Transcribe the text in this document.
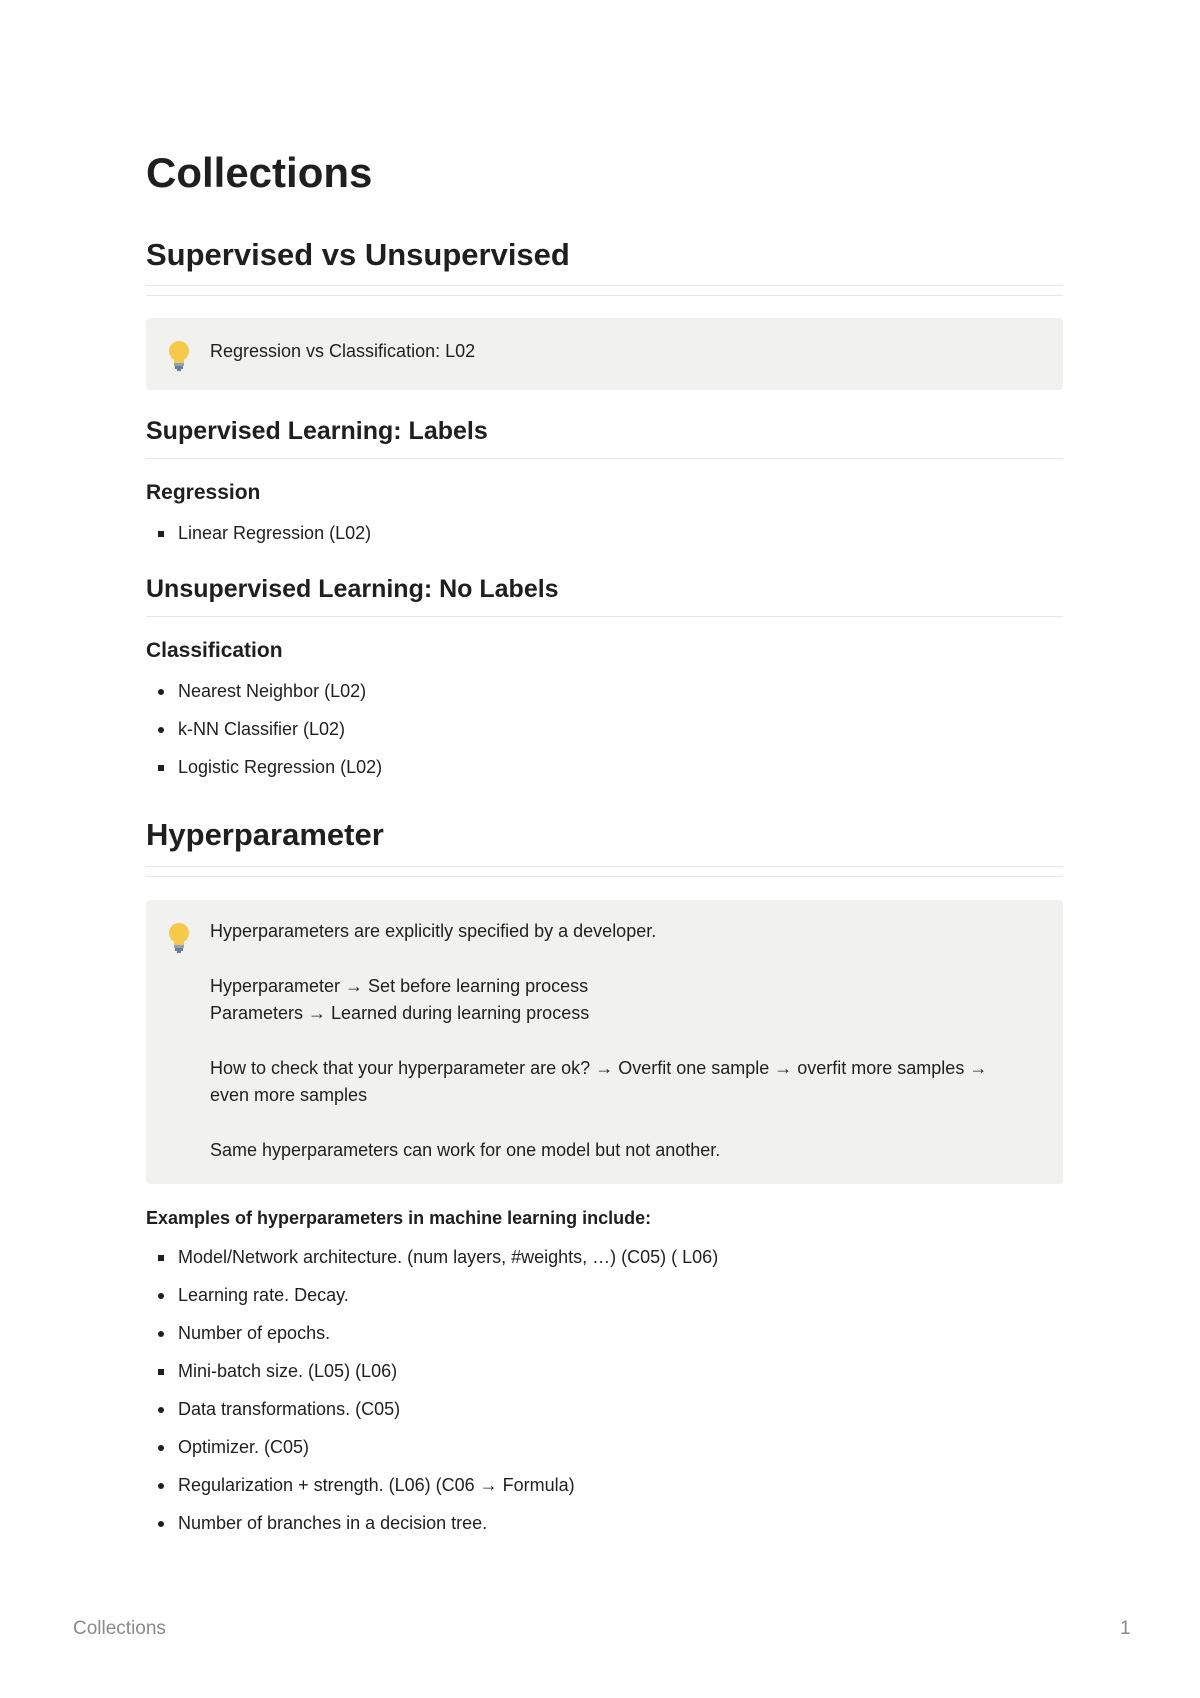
Collections
Supervised vs Unsupervised
Regression vs Classification: L02
Supervised Learning: Labels
Regression
Linear Regression (L02)
Unsupervised Learning: No Labels
Classification
Nearest Neighbor (L02)
k-NN Classifier (L02)
Logistic Regression (L02)
Hyperparameter

Hyperparameters are explicitly specified by a developer.

Hyperparameter → Set before learning process

Parameters → Learned during learning process

How to check that your hyperparameter are ok? → Overfit one sample → overfit more samples → even more samples

Same hyperparameters can work for one model but not another.

Examples of hyperparameters in machine learning include:
Model/Network architecture. (num layers, #weights, …) (C05) ( L06)
Learning rate. Decay.
Number of epochs.
Mini-batch size. (L05) (L06)
Data transformations. (C05)
Optimizer. (C05)
Regularization + strength. (L06) (C06 → Formula)
Number of branches in a decision tree.
Collections	1
